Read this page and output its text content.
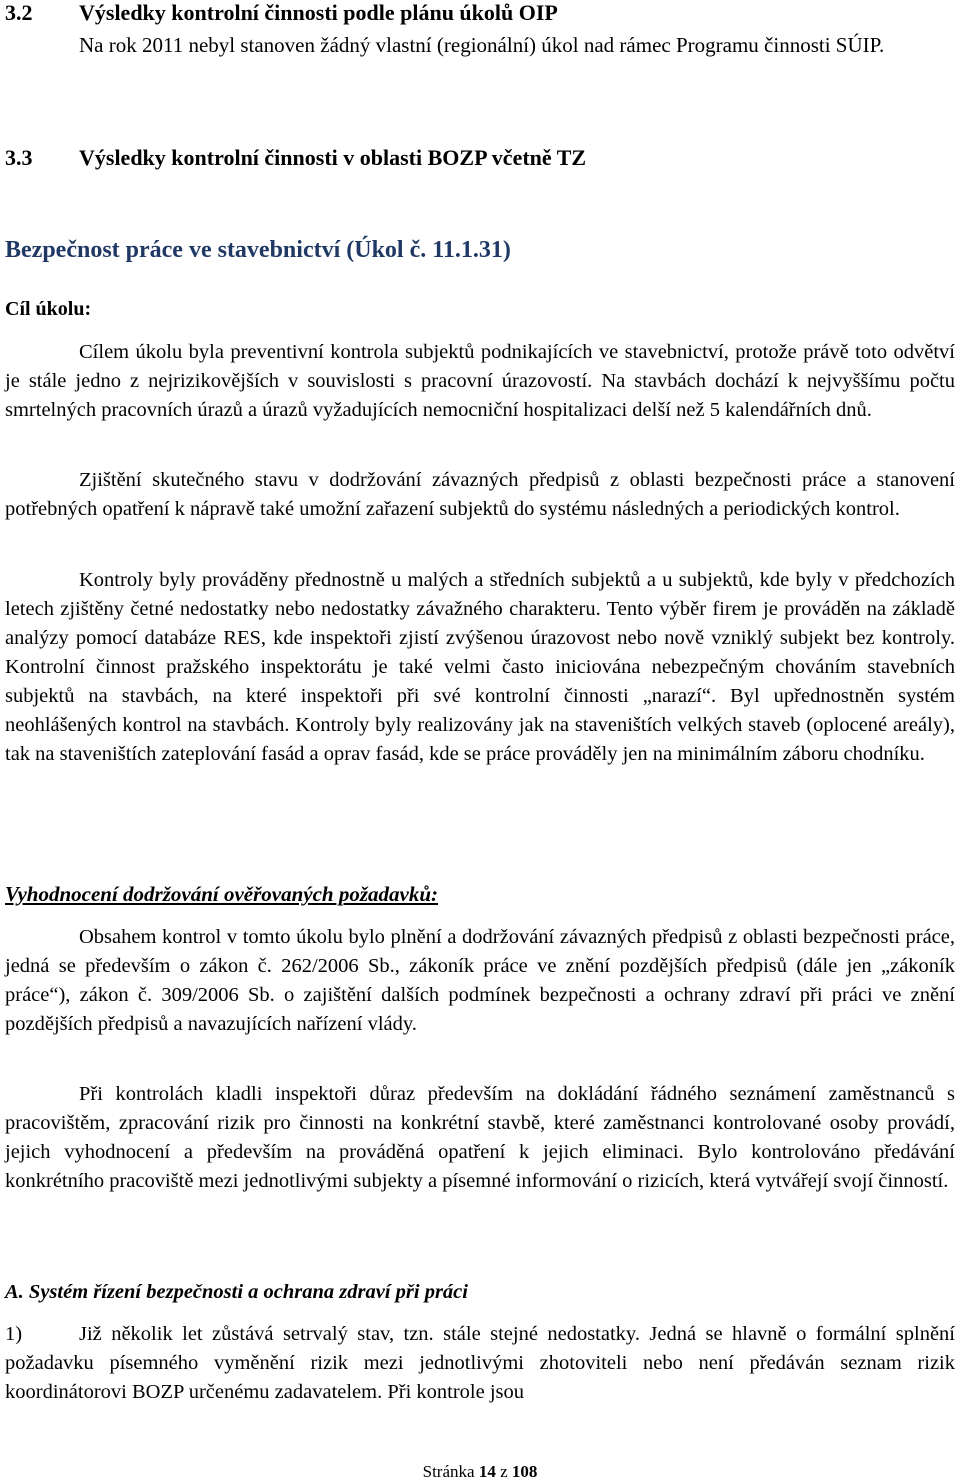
3.2 Výsledky kontrolní činnosti podle plánu úkolů OIP
Na rok 2011 nebyl stanoven žádný vlastní (regionální) úkol nad rámec Programu činnosti SÚIP.
3.3 Výsledky kontrolní činnosti v oblasti BOZP včetně TZ
Bezpečnost práce ve stavebnictví (Úkol č. 11.1.31)
Cíl úkolu:

Cílem úkolu byla preventivní kontrola subjektů podnikajících ve stavebnictví, protože právě toto odvětví je stále jedno z nejrizikovějších v souvislosti s pracovní úrazovostí. Na stavbách dochází k nejvyššímu počtu smrtelných pracovních úrazů a úrazů vyžadujících nemocniční hospitalizaci delší než 5 kalendářních dnů.

Zjištění skutečného stavu v dodržování závazných předpisů z oblasti bezpečnosti práce a stanovení potřebných opatření k nápravě také umožní zařazení subjektů do systému následných a periodických kontrol.

Kontroly byly prováděny přednostně u malých a středních subjektů a u subjektů, kde byly v předchozích letech zjištěny četné nedostatky nebo nedostatky závažného charakteru. Tento výběr firem je prováděn na základě analýzy pomocí databáze RES, kde inspektoři zjistí zvýšenou úrazovost nebo nově vzniklý subjekt bez kontroly. Kontrolní činnost pražského inspektorátu je také velmi často iniciována nebezpečným chováním stavebních subjektů na stavbách, na které inspektoři při své kontrolní činnosti „narazí“. Byl upřednostněn systém neohlášených kontrol na stavbách. Kontroly byly realizovány jak na staveništích velkých staveb (oplocené areály), tak na staveništích zateplování fasád a oprav fasád, kde se práce prováděly jen na minimálním záboru chodníku.

Vyhodnocení dodržování ověřovaných požadavků:

Obsahem kontrol v tomto úkolu bylo plnění a dodržování závazných předpisů z oblasti bezpečnosti práce, jedná se především o zákon č. 262/2006 Sb., zákoník práce ve znění pozdějších předpisů (dále jen „zákoník práce“), zákon č. 309/2006 Sb. o zajištění dalších podmínek bezpečnosti a ochrany zdraví při práci ve znění pozdějších předpisů a navazujících nařízení vlády.

Při kontrolách kladli inspektoři důraz především na dokládání řádného seznámení zaměstnanců s pracovištěm, zpracování rizik pro činnosti na konkrétní stavbě, které zaměstnanci kontrolované osoby provádí, jejich vyhodnocení a především na prováděná opatření k jejich eliminaci. Bylo kontrolováno předávání konkrétního pracoviště mezi jednotlivými subjekty a písemné informování o rizicích, která vytvářejí svojí činností.

A. Systém řízení bezpečnosti a ochrana zdraví při práci

1)	Již několik let zůstává setrvalý stav, tzn. stále stejné nedostatky. Jedná se hlavně o formální splnění požadavku písemného vyměnění rizik mezi jednotlivými zhotoviteli nebo není předáván seznam rizik koordinátorovi BOZP určenému zadavatelem. Při kontrole jsou

Stránka 14 z 108
